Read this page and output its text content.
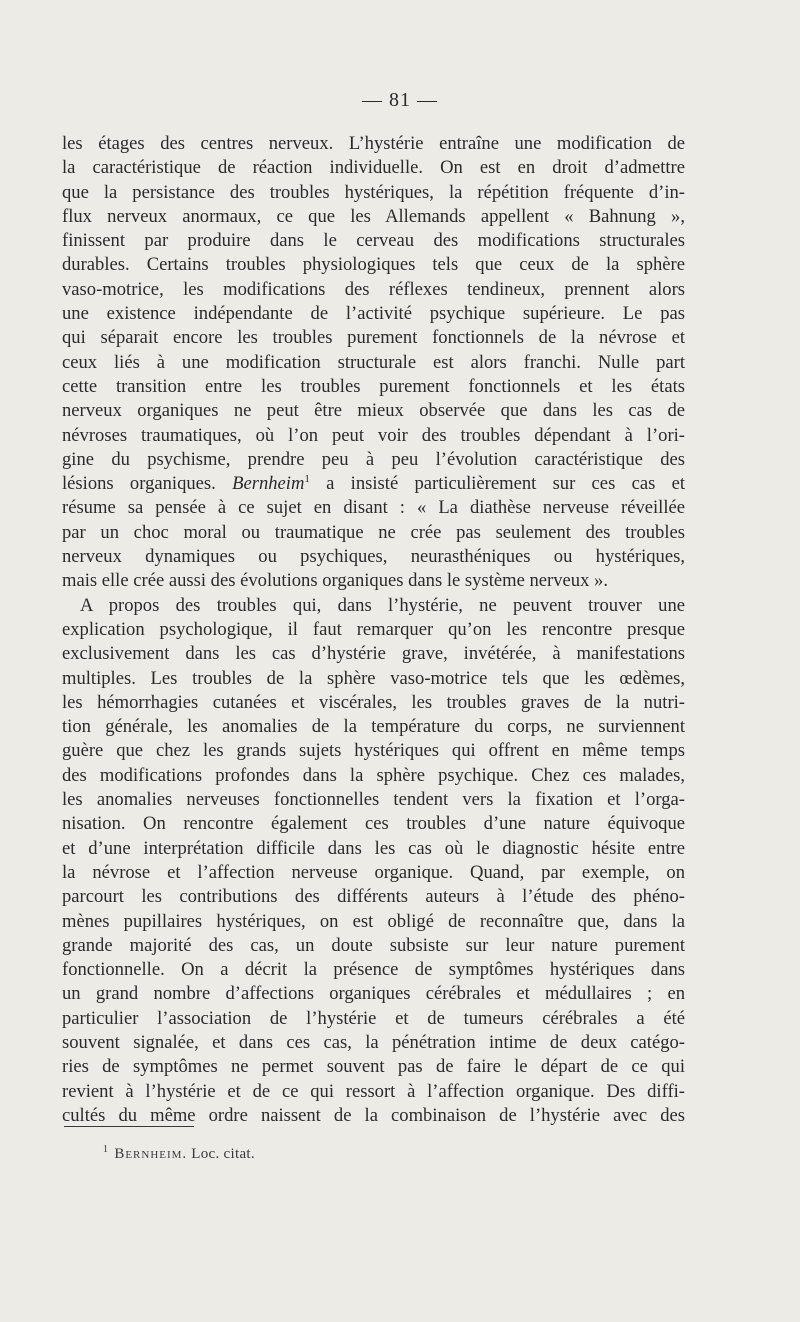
— 81 —
les étages des centres nerveux. L’hystérie entraîne une modification de
la caractéristique de réaction individuelle. On est en droit d’admettre
que la persistance des troubles hystériques, la répétition fréquente d’in-
flux nerveux anormaux, ce que les Allemands appellent « Bahnung »,
finissent par produire dans le cerveau des modifications structurales
durables. Certains troubles physiologiques tels que ceux de la sphère
vaso-motrice, les modifications des réflexes tendineux, prennent alors
une existence indépendante de l’activité psychique supérieure. Le pas
qui séparait encore les troubles purement fonctionnels de la névrose et
ceux liés à une modification structurale est alors franchi. Nulle part
cette transition entre les troubles purement fonctionnels et les états
nerveux organiques ne peut être mieux observée que dans les cas de
névroses traumatiques, où l’on peut voir des troubles dépendant à l’ori-
gine du psychisme, prendre peu à peu l’évolution caractéristique des
lésions organiques. Bernheim$^1$ a insisté particulièrement sur ces cas et
résume sa pensée à ce sujet en disant : « La diathèse nerveuse réveillée
par un choc moral ou traumatique ne crée pas seulement des troubles
nerveux dynamiques ou psychiques, neurasthéniques ou hystériques,
mais elle crée aussi des évolutions organiques dans le système nerveux ».
A propos des troubles qui, dans l’hystérie, ne peuvent trouver une
explication psychologique, il faut remarquer qu’on les rencontre presque
exclusivement dans les cas d’hystérie grave, invétérée, à manifestations
multiples. Les troubles de la sphère vaso-motrice tels que les œdèmes,
les hémorrhagies cutanées et viscérales, les troubles graves de la nutri-
tion générale, les anomalies de la température du corps, ne surviennent
guère que chez les grands sujets hystériques qui offrent en même temps
des modifications profondes dans la sphère psychique. Chez ces malades,
les anomalies nerveuses fonctionnelles tendent vers la fixation et l’orga-
nisation. On rencontre également ces troubles d’une nature équivoque
et d’une interprétation difficile dans les cas où le diagnostic hésite entre
la névrose et l’affection nerveuse organique. Quand, par exemple, on
parcourt les contributions des différents auteurs à l’étude des phéno-
mènes pupillaires hystériques, on est obligé de reconnaître que, dans la
grande majorité des cas, un doute subsiste sur leur nature purement
fonctionnelle. On a décrit la présence de symptômes hystériques dans
un grand nombre d’affections organiques cérébrales et médullaires ; en
particulier l’association de l’hystérie et de tumeurs cérébrales a été
souvent signalée, et dans ces cas, la pénétration intime de deux catégo-
ries de symptômes ne permet souvent pas de faire le départ de ce qui
revient à l’hystérie et de ce qui ressort à l’affection organique. Des diffi-
cultés du même ordre naissent de la combinaison de l’hystérie avec des
$^1$ Bernheim. Loc. citat.
